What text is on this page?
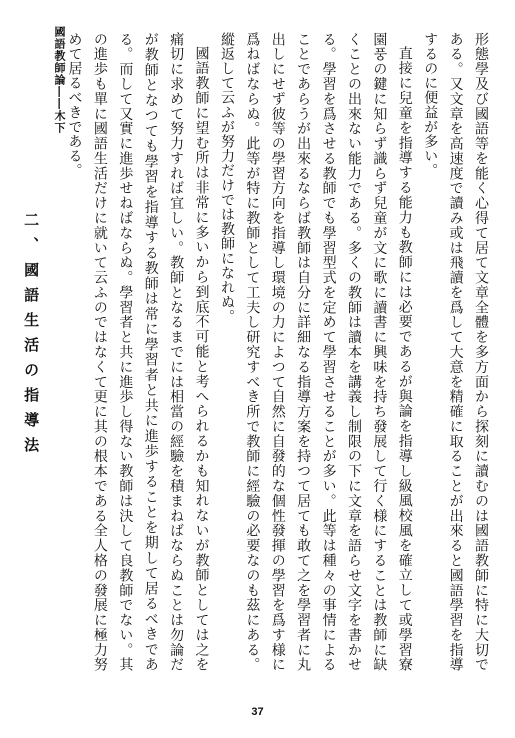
國語教師論――木下	形態學及び國語等を能く心得て居て文章全體を多方面から探刻に讀むのは國語教師に特に大切である。又文章を高速度で讀み或は飛讀を爲して大意を精確に取ることが出來ると國語學習を指導するのに便益が多い。

直接に兒童を指導する能力も教師には必要であるが與論を指導し級風校風を確立して或學習寮園풍の鍵に知らず識らず兒童が文に歌に讀書に興味を持ち發展して行く様にすることは教師に缺くことの出來ない能力である。多くの教師は讀本を講義し制限の下に文章を語らせ文字を書かせる。學習を爲させる教師でも學習型式を定めて學習させることが多い。此等は種々の事情によることであらうが出來るならば教師は自分に詳細なる指導方案を持つて居ても敢て之を學習者に丸出しにせず彼等の學習方向を指導し環境の力によつて自然に自發的な個性發揮の學習を爲す様に爲ねばならぬ。此等が特に教師として工夫し研究すべき所で教師に經驗の必要なのも茲にある。縱返して云ふが努力だけでは教師になれぬ。

國語教師に望む所は非常に多いから到底不可能と考へられるかも知れないが教師としては之を痛切に求めて努力すれば宜しい。教師となるまでには相當の經驗を積まねばならぬことは勿論だが教師となつても學習を指導する教師は常に學習者と共に進歩することを期して居るべきである。而して又實に進歩せねばならぬ。學習者と共に進歩し得ない教師は決して良教師でない。其の進歩も單に國語生活だけに就いて云ふのではなくて更に其の根本である全人格の發展に極力努めて居るべきである。

二、國語生活の指導法

37
